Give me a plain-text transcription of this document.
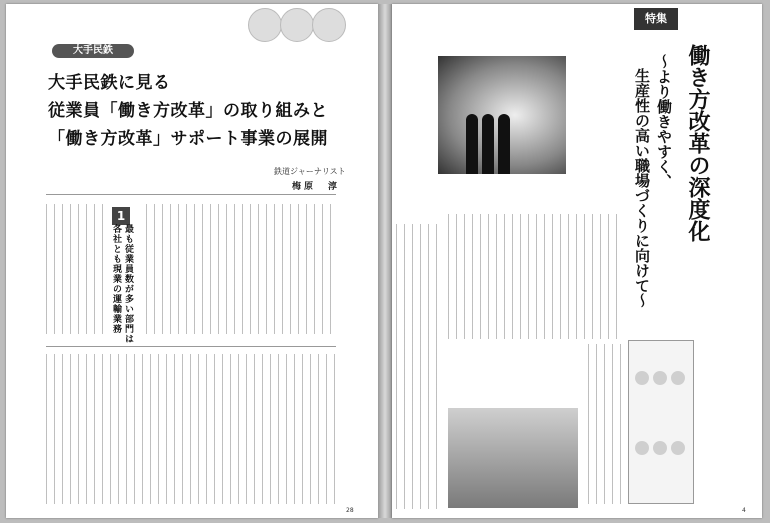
大手民鉄
大手民鉄に見る
従業員「働き方改革」の取り組みと
「働き方改革」サポート事業の展開
鉄道ジャーナリスト
梅原　淳
1
最も従業員数が多い部門は
各社とも現業の運輸業務
28
特集
働き方改革の深度化
～より働きやすく、
生産性の高い職場づくりに向けて～
4
